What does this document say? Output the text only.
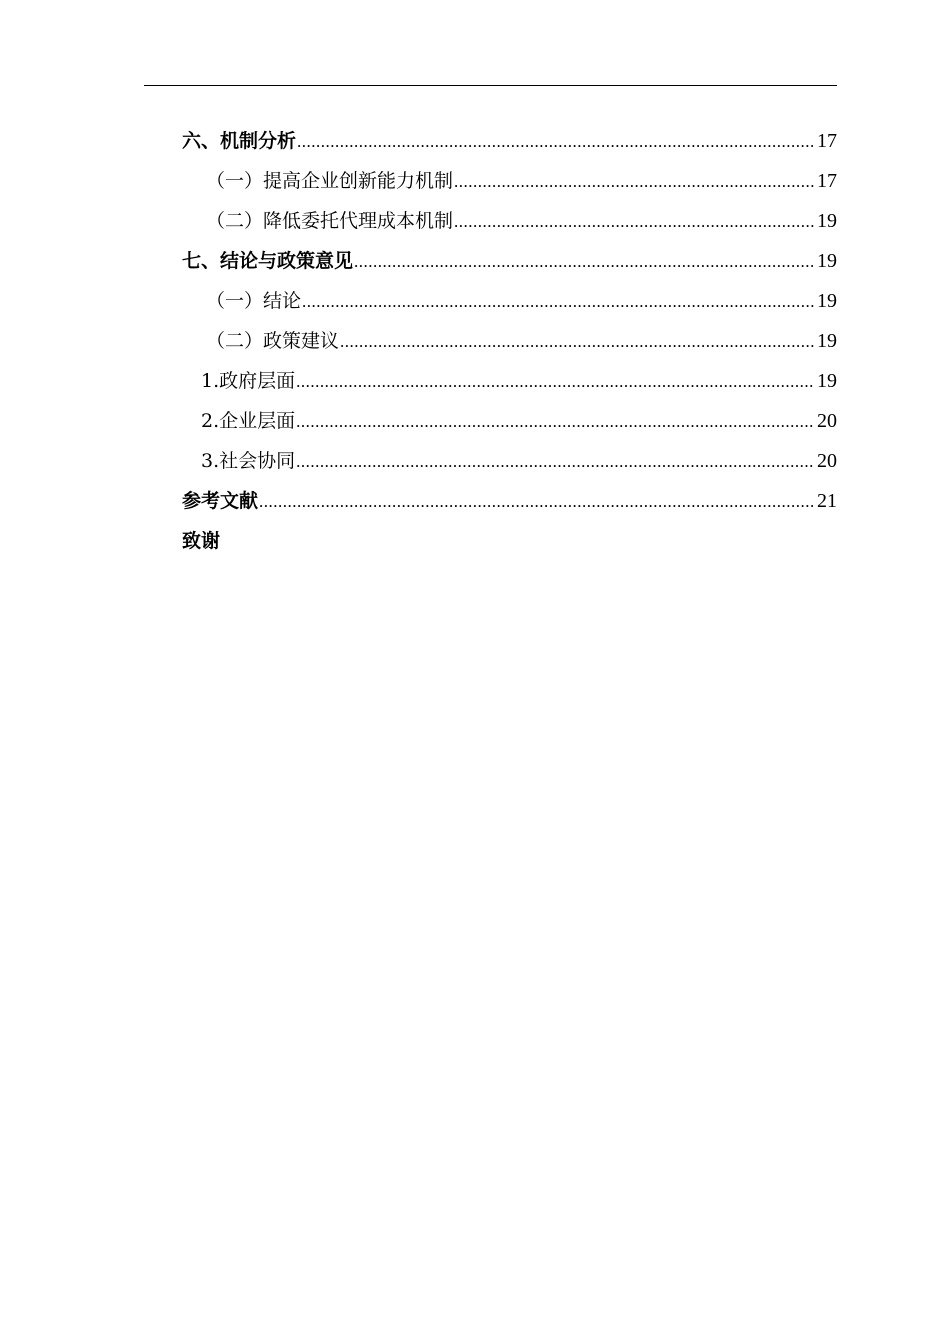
六、机制分析 .....	17
（一）提高企业创新能力机制 .....	17
（二）降低委托代理成本机制 .....	19
七、结论与政策意见 .....	19
（一）结论 .....	19
（二）政策建议 .....	19
1.政府层面 .....	19
2.企业层面 .....	20
3.社会协同 .....	20
参考文献 .....	21
致谢
